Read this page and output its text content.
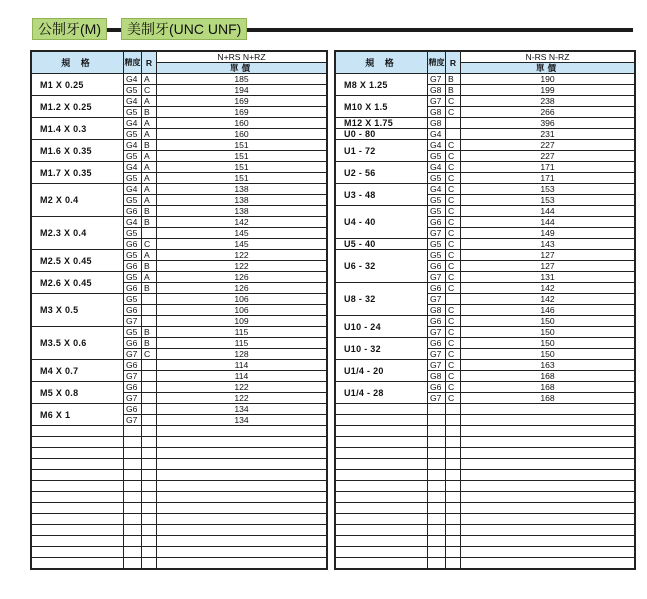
公制牙(M)	美制牙(UNC UNF)
規 格	精度	R	N+RS N+RZ
			單價
M1 X 0.25	G4	A	185
	G5	C	194
M1.2 X 0.25	G4	A	169
	G5	B	169
M1.4 X 0.3	G4	A	160
	G5	A	160
M1.6 X 0.35	G4	B	151
	G5	A	151
M1.7 X 0.35	G4	A	151
	G5	A	151
M2 X 0.4	G4	A	138
	G5	A	138
	G6	B	138
M2.3 X 0.4	G4	B	142
	G5		145
	G6	C	145
M2.5 X 0.45	G5	A	122
	G6	B	122
M2.6 X 0.45	G5	A	126
	G6	B	126
M3 X 0.5	G5		106
	G6		106
	G7		109
M3.5 X 0.6	G5	B	115
	G6	B	115
	G7	C	128
M4 X 0.7	G6		114
	G7		114
M5 X 0.8	G6		122
	G7		122
M6 X 1	G6		134
	G7		134

規 格	精度	R	N-RS N-RZ
			單價
M8 X 1.25	G7	B	190
	G8	B	199
M10 X 1.5	G7	C	238
	G8	C	266
M12 X 1.75	G8		396
U0 - 80	G4		231
U1 - 72	G4	C	227
	G5	C	227
U2 - 56	G4	C	171
	G5	C	171
U3 - 48	G4	C	153
	G5	C	153
U4 - 40	G5	C	144
	G6	C	144
	G7	C	149
U5 - 40	G5	C	143
U6 - 32	G5	C	127
	G6	C	127
	G7	C	131
U8 - 32	G6	C	142
	G7		142
	G8	C	146
U10 - 24	G6	C	150
	G7	C	150
U10 - 32	G6	C	150
	G7	C	150
U1/4 - 20	G7	C	163
	G8	C	168
U1/4 - 28	G6	C	168
	G7	C	168
